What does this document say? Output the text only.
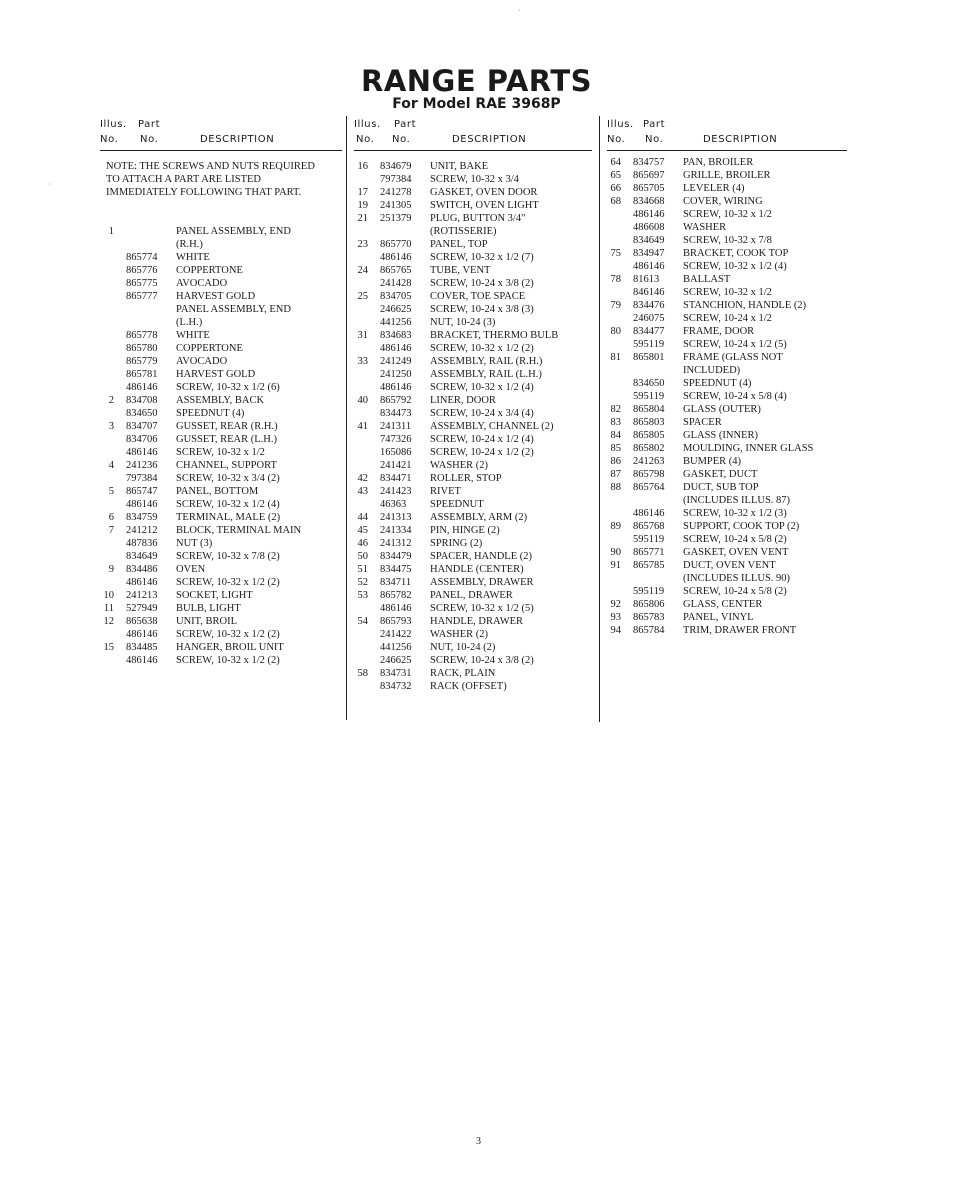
RANGE PARTS
For Model RAE 3968P
Illus. Part
No. No.	DESCRIPTION
NOTE: THE SCREWS AND NUTS REQUIRED
TO ATTACH A PART ARE LISTED
IMMEDIATELY FOLLOWING THAT PART.
1	PANEL ASSEMBLY, END
(R.H.)
865774 WHITE
865776 COPPERTONE
865775 AVOCADO
865777 HARVEST GOLD
PANEL ASSEMBLY, END
(L.H.)
865778 WHITE
865780 COPPERTONE
865779 AVOCADO
865781 HARVEST GOLD
486146 SCREW, 10-32 x 1/2 (6)
2 834708 ASSEMBLY, BACK
834650 SPEEDNUT (4)
3 834707 GUSSET, REAR (R.H.)
834706 GUSSET, REAR (L.H.)
486146 SCREW, 10-32 x 1/2
4 241236 CHANNEL, SUPPORT
797384 SCREW, 10-32 x 3/4 (2)
5 865747 PANEL, BOTTOM
486146 SCREW, 10-32 x 1/2 (4)
6 834759 TERMINAL, MALE (2)
7 241212 BLOCK, TERMINAL MAIN
487836 NUT (3)
834649 SCREW, 10-32 x 7/8 (2)
9 834486 OVEN
486146 SCREW, 10-32 x 1/2 (2)
10 241213 SOCKET, LIGHT
11 527949 BULB, LIGHT
12 865638 UNIT, BROIL
486146 SCREW, 10-32 x 1/2 (2)
15 834485 HANGER, BROIL UNIT
486146 SCREW, 10-32 x 1/2 (2)
Illus. Part
No. No.	DESCRIPTION
16 834679 UNIT, BAKE
797384 SCREW, 10-32 x 3/4
17 241278 GASKET, OVEN DOOR
19 241305 SWITCH, OVEN LIGHT
21 251379 PLUG, BUTTON 3/4"
(ROTISSERIE)
23 865770 PANEL, TOP
486146 SCREW, 10-32 x 1/2 (7)
24 865765 TUBE, VENT
241428 SCREW, 10-24 x 3/8 (2)
25 834705 COVER, TOE SPACE
246625 SCREW, 10-24 x 3/8 (3)
441256 NUT, 10-24 (3)
31 834683 BRACKET, THERMO BULB
486146 SCREW, 10-32 x 1/2 (2)
33 241249 ASSEMBLY, RAIL (R.H.)
241250 ASSEMBLY, RAIL (L.H.)
486146 SCREW, 10-32 x 1/2 (4)
40 865792 LINER, DOOR
834473 SCREW, 10-24 x 3/4 (4)
41 241311 ASSEMBLY, CHANNEL (2)
747326 SCREW, 10-24 x 1/2 (4)
165086 SCREW, 10-24 x 1/2 (2)
241421 WASHER (2)
42 834471 ROLLER, STOP
43 241423 RIVET
46363 SPEEDNUT
44 241313 ASSEMBLY, ARM (2)
45 241334 PIN, HINGE (2)
46 241312 SPRING (2)
50 834479 SPACER, HANDLE (2)
51 834475 HANDLE (CENTER)
52 834711 ASSEMBLY, DRAWER
53 865782 PANEL, DRAWER
486146 SCREW, 10-32 x 1/2 (5)
54 865793 HANDLE, DRAWER
241422 WASHER (2)
441256 NUT, 10-24 (2)
246625 SCREW, 10-24 x 3/8 (2)
58 834731 RACK, PLAIN
834732 RACK (OFFSET)
Illus. Part
No. No.	DESCRIPTION
64 834757 PAN, BROILER
65 865697 GRILLE, BROILER
66 865705 LEVELER (4)
68 834668 COVER, WIRING
486146 SCREW, 10-32 x 1/2
486608 WASHER
834649 SCREW, 10-32 x 7/8
75 834947 BRACKET, COOK TOP
486146 SCREW, 10-32 x 1/2 (4)
78 81613 BALLAST
846146 SCREW, 10-32 x 1/2
79 834476 STANCHION, HANDLE (2)
246075 SCREW, 10-24 x 1/2
80 834477 FRAME, DOOR
595119 SCREW, 10-24 x 1/2 (5)
81 865801 FRAME (GLASS NOT
INCLUDED)
834650 SPEEDNUT (4)
595119 SCREW, 10-24 x 5/8 (4)
82 865804 GLASS (OUTER)
83 865803 SPACER
84 865805 GLASS (INNER)
85 865802 MOULDING, INNER GLASS
86 241263 BUMPER (4)
87 865798 GASKET, DUCT
88 865764 DUCT, SUB TOP
(INCLUDES ILLUS. 87)
486146 SCREW, 10-32 x 1/2 (3)
89 865768 SUPPORT, COOK TOP (2)
595119 SCREW, 10-24 x 5/8 (2)
90 865771 GASKET, OVEN VENT
91 865785 DUCT, OVEN VENT
(INCLUDES ILLUS. 90)
595119 SCREW, 10-24 x 5/8 (2)
92 865806 GLASS, CENTER
93 865783 PANEL, VINYL
94 865784 TRIM, DRAWER FRONT
3
·
·
